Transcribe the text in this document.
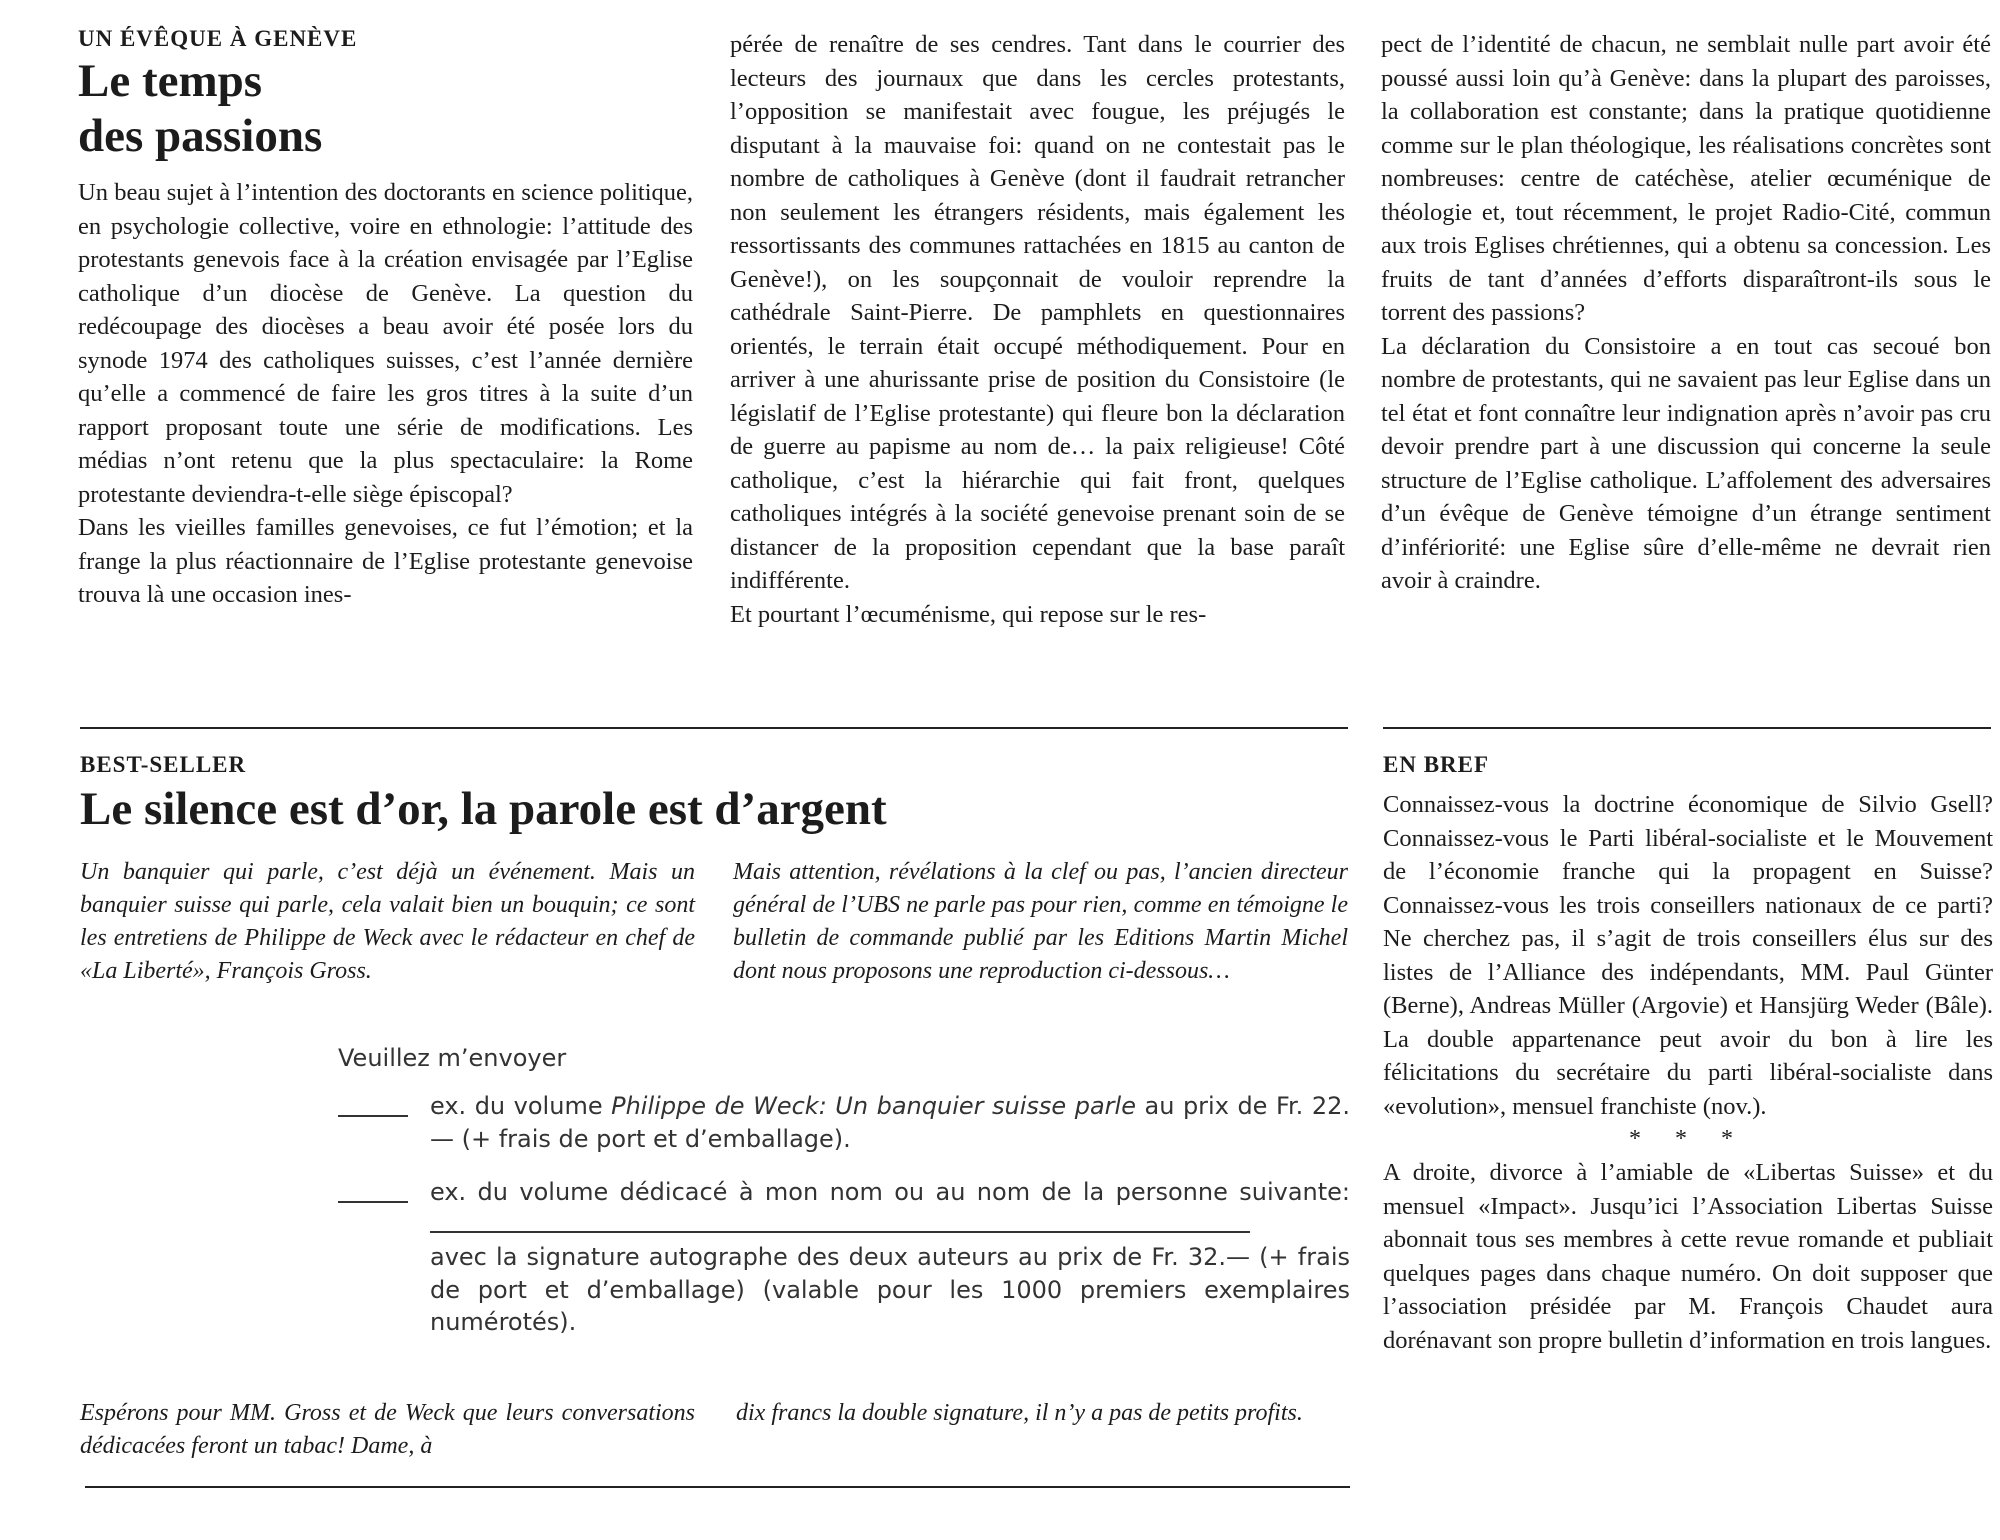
UN ÉVÊQUE À GENÈVE
Le temps
des passions

Un beau sujet à l’intention des doctorants en science politique, en psychologie collective, voire en ethnologie: l’attitude des protestants genevois face à la création envisagée par l’Eglise catholique d’un diocèse de Genève. La question du redécoupage des diocèses a beau avoir été posée lors du synode 1974 des catholiques suisses, c’est l’année dernière qu’elle a commencé de faire les gros titres à la suite d’un rapport proposant toute une série de modifications. Les médias n’ont retenu que la plus spectaculaire: la Rome protestante deviendra-t-elle siège épiscopal?

Dans les vieilles familles genevoises, ce fut l’émotion; et la frange la plus réactionnaire de l’Eglise protestante genevoise trouva là une occasion ines-

pérée de renaître de ses cendres. Tant dans le courrier des lecteurs des journaux que dans les cercles protestants, l’opposition se manifestait avec fougue, les préjugés le disputant à la mauvaise foi: quand on ne contestait pas le nombre de catholiques à Genève (dont il faudrait retrancher non seulement les étrangers résidents, mais également les ressortissants des communes rattachées en 1815 au canton de Genève!), on les soupçonnait de vouloir reprendre la cathédrale Saint-Pierre. De pamphlets en questionnaires orientés, le terrain était occupé méthodiquement. Pour en arriver à une ahurissante prise de position du Consistoire (le législatif de l’Eglise protestante) qui fleure bon la déclaration de guerre au papisme au nom de… la paix religieuse! Côté catholique, c’est la hiérarchie qui fait front, quelques catholiques intégrés à la société genevoise prenant soin de se distancer de la proposition cependant que la base paraît indifférente.

Et pourtant l’œcuménisme, qui repose sur le res-

pect de l’identité de chacun, ne semblait nulle part avoir été poussé aussi loin qu’à Genève: dans la plupart des paroisses, la collaboration est constante; dans la pratique quotidienne comme sur le plan théologique, les réalisations concrètes sont nombreuses: centre de catéchèse, atelier œcuménique de théologie et, tout récemment, le projet Radio-Cité, commun aux trois Eglises chrétiennes, qui a obtenu sa concession. Les fruits de tant d’années d’efforts disparaîtront-ils sous le torrent des passions?

La déclaration du Consistoire a en tout cas secoué bon nombre de protestants, qui ne savaient pas leur Eglise dans un tel état et font connaître leur indignation après n’avoir pas cru devoir prendre part à une discussion qui concerne la seule structure de l’Eglise catholique. L’affolement des adversaires d’un évêque de Genève témoigne d’un étrange sentiment d’infériorité: une Eglise sûre d’elle-même ne devrait rien avoir à craindre.

BEST-SELLER
Le silence est d’or, la parole est d’argent
Un banquier qui parle, c’est déjà un événement. Mais un banquier suisse qui parle, cela valait bien un bouquin; ce sont les entretiens de Philippe de Weck avec le rédacteur en chef de «La Liberté», François Gross.
Mais attention, révélations à la clef ou pas, l’ancien directeur général de l’UBS ne parle pas pour rien, comme en témoigne le bulletin de commande publié par les Editions Martin Michel dont nous proposons une reproduction ci-dessous…
Veuillez m’envoyer
ex. du volume Philippe de Weck: Un banquier suisse parle au prix de Fr. 22.— (+ frais de port et d’emballage).
ex. du volume dédicacé à mon nom ou au nom de la personne suivante:
avec la signature autographe des deux auteurs au prix de Fr. 32.— (+ frais de port et d’emballage) (valable pour les 1000 premiers exemplaires numérotés).
Espérons pour MM. Gross et de Weck que leurs conversations dédicacées feront un tabac! Dame, à
dix francs la double signature, il n’y a pas de petits profits.
EN BREF

Connaissez-vous la doctrine économique de Silvio Gsell? Connaissez-vous le Parti libéral-socialiste et le Mouvement de l’économie franche qui la propagent en Suisse? Connaissez-vous les trois conseillers nationaux de ce parti? Ne cherchez pas, il s’agit de trois conseillers élus sur des listes de l’Alliance des indépendants, MM. Paul Günter (Berne), Andreas Müller (Argovie) et Hansjürg Weder (Bâle). La double appartenance peut avoir du bon à lire les félicitations du secrétaire du parti libéral-socialiste dans «evolution», mensuel franchiste (nov.).

* * *

A droite, divorce à l’amiable de «Libertas Suisse» et du mensuel «Impact». Jusqu’ici l’Association Libertas Suisse abonnait tous ses membres à cette revue romande et publiait quelques pages dans chaque numéro. On doit supposer que l’association présidée par M. François Chaudet aura dorénavant son propre bulletin d’information en trois langues.
